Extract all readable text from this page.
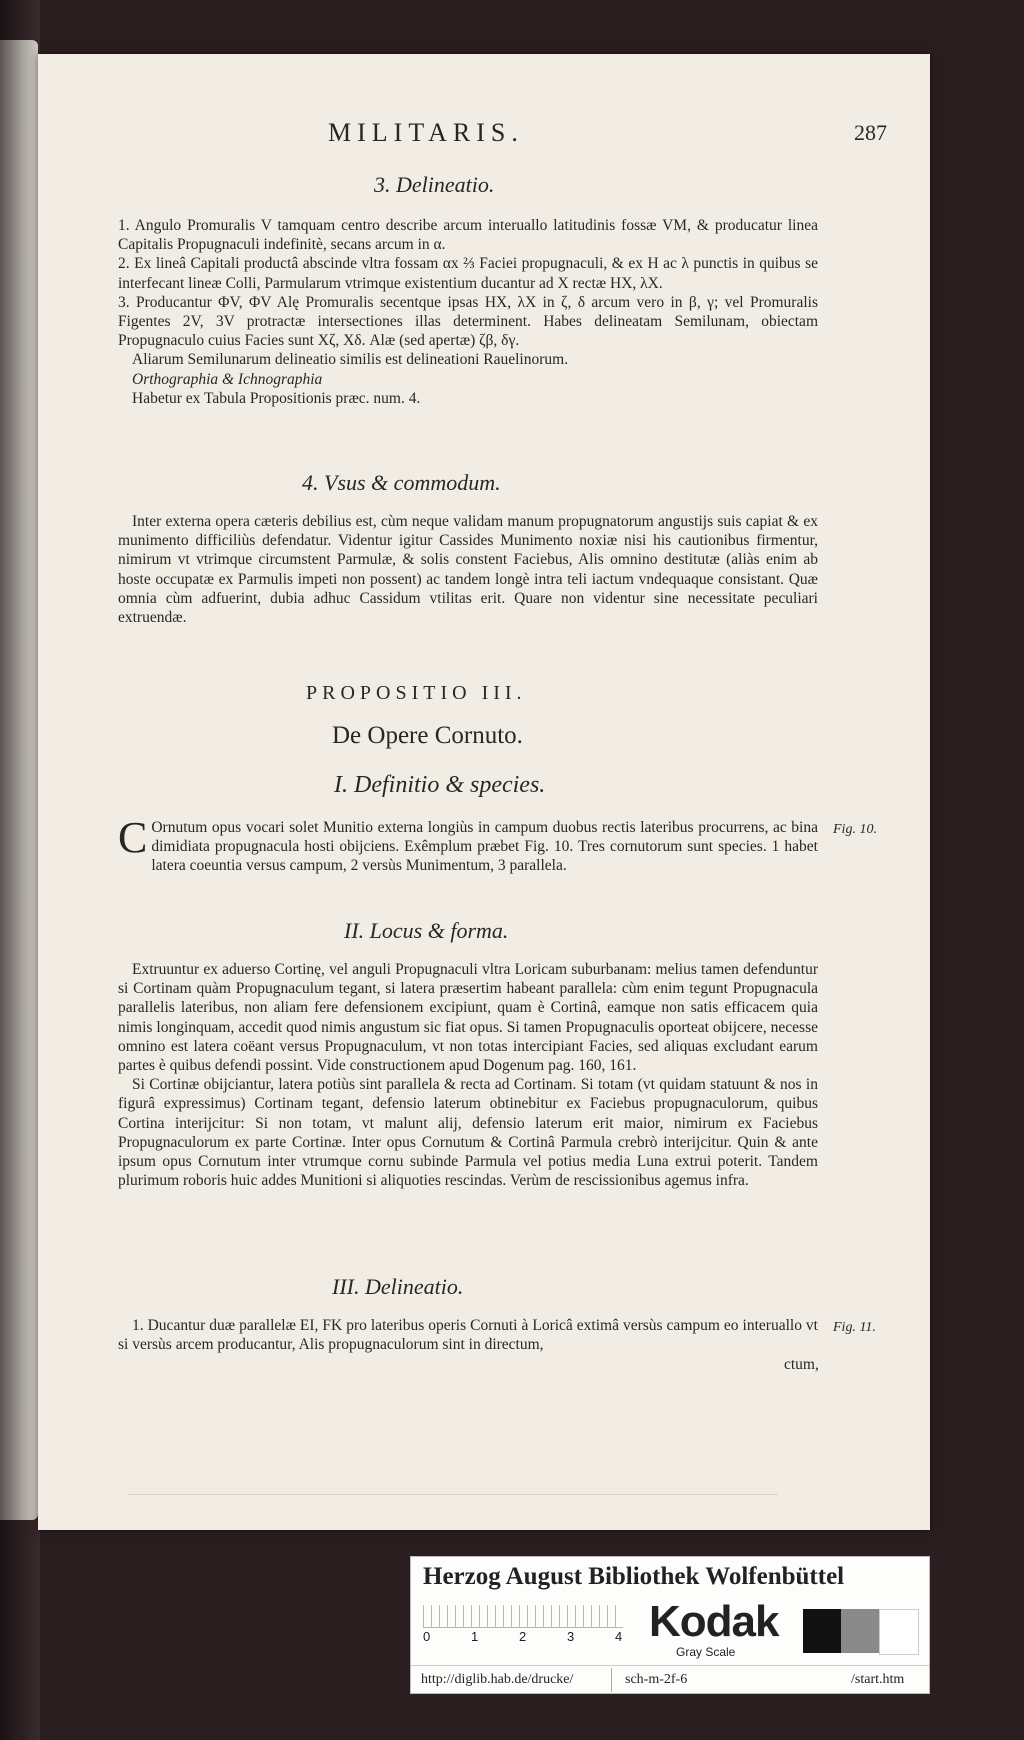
MILITARIS.	287
3. Delineatio.

1. Angulo Promuralis V tamquam centro describe arcum interuallo latitudinis fossæ VM, & producatur linea Capitalis Propugnaculi indefinitè, secans arcum in α.

2. Ex lineâ Capitali productâ abscinde vltra fossam αx ⅔ Faciei propugnaculi, & ex H ac λ punctis in quibus se interfecant lineæ Colli, Parmularum vtrimque existentium ducantur ad X rectæ HX, λX.

3. Producantur ΦV, ΦV Alę Promuralis secentque ipsas HX, λX in ζ, δ arcum vero in β, γ; vel Promuralis Figentes 2V, 3V protractæ intersectiones illas determinent. Habes delineatam Semilunam, obiectam Propugnaculo cuius Facies sunt Xζ, Xδ. Alæ (sed apertæ) ζβ, δγ.

Aliarum Semilunarum delineatio similis est delineationi Rauelinorum.

Orthographia & Ichnographia

Habetur ex Tabula Propositionis præc. num. 4.

4. Vsus & commodum.

Inter externa opera cæteris debilius est, cùm neque validam manum propugnatorum angustijs suis capiat & ex munimento difficiliùs defendatur. Videntur igitur Cassides Munimento noxiæ nisi his cautionibus firmentur, nimirum vt vtrimque circumstent Parmulæ, & solis constent Faciebus, Alis omnino destitutæ (aliàs enim ab hoste occupatæ ex Parmulis impeti non possent) ac tandem longè intra teli iactum vndequaque consistant. Quæ omnia cùm adfuerint, dubia adhuc Cassidum vtilitas erit. Quare non videntur sine necessitate peculiari extruendæ.

PROPOSITIO III.
De Opere Cornuto.
I. Definitio & species.
C Ornutum opus vocari solet Munitio externa longiùs in campum duobus rectis lateribus procurrens, ac bina dimidiata propugnacula hosti obijciens. Exêmplum præbet Fig. 10. Tres cornutorum sunt species. 1 habet latera coeuntia versus campum, 2 versùs Munimentum, 3 parallela.

Fig. 10.
II. Locus & forma.

Extruuntur ex aduerso Cortinę, vel anguli Propugnaculi vltra Loricam suburbanam: melius tamen defenduntur si Cortinam quàm Propugnaculum tegant, si latera præsertim habeant parallela: cùm enim tegunt Propugnacula parallelis lateribus, non aliam fere defensionem excipiunt, quam è Cortinâ, eamque non satis efficacem quia nimis longinquam, accedit quod nimis angustum sic fiat opus. Si tamen Propugnaculis oporteat obijcere, necesse omnino est latera coëant versus Propugnaculum, vt non totas intercipiant Facies, sed aliquas excludant earum partes è quibus defendi possint. Vide constructionem apud Dogenum pag. 160, 161.

Si Cortinæ obijciantur, latera potiùs sint parallela & recta ad Cortinam. Si totam (vt quidam statuunt & nos in figurâ expressimus) Cortinam tegant, defensio laterum obtinebitur ex Faciebus propugnaculorum, quibus Cortina interijcitur: Si non totam, vt malunt alij, defensio laterum erit maior, nimirum ex Faciebus Propugnaculorum ex parte Cortinæ. Inter opus Cornutum & Cortinâ Parmula crebrò interijcitur. Quin & ante ipsum opus Cornutum inter vtrumque cornu subinde Parmula vel potius media Luna extrui poterit. Tandem plurimum roboris huic addes Munitioni si aliquoties rescindas. Verùm de rescissionibus agemus infra.

III. Delineatio.

1. Ducantur duæ parallelæ EI, FK pro lateribus operis Cornuti à Loricâ extimâ versùs campum eo interuallo vt si versùs arcem producantur, Alis propugnaculorum sint in directum,

Fig. 11.
ctum,
Herzog August Bibliothek Wolfenbüttel
0	1	2	3	4 Kodak
Gray Scale
http://diglib.hab.de/drucke/	sch-m-2f-6	/start.htm
